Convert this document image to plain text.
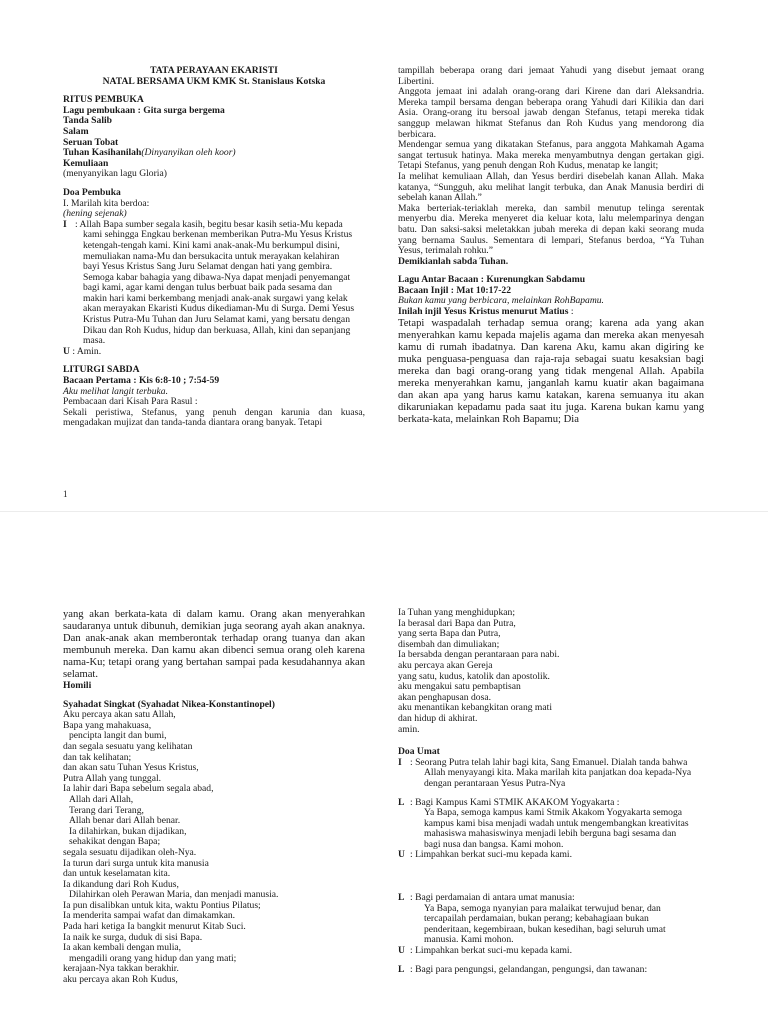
TATA PERAYAAN EKARISTI

NATAL BERSAMA UKM KMK St. Stanislaus Kotska

RITUS PEMBUKA

Lagu pembukaan : Gita surga bergema

Tanda Salib

Salam

Seruan Tobat

Tuhan Kasihanilah(Dinyanyikan oleh koor)

Kemuliaan

(menyanyikan lagu Gloria)

Doa Pembuka

I. Marilah kita berdoa:

(hening sejenak)

I : Allah Bapa sumber segala kasih, begitu besar kasih setia-Mu kepada

kami sehingga Engkau berkenan memberikan Putra-Mu Yesus Kristus

ketengah-tengah kami. Kini kami anak-anak-Mu berkumpul disini,

memuliakan nama-Mu dan bersukacita untuk merayakan kelahiran

bayi Yesus Kristus Sang Juru Selamat dengan hati yang gembira.

Semoga kabar bahagia yang dibawa-Nya dapat menjadi penyemangat

bagi kami, agar kami dengan tulus berbuat baik pada sesama dan

makin hari kami berkembang menjadi anak-anak surgawi yang kelak

akan merayakan Ekaristi Kudus dikediaman-Mu di Surga. Demi Yesus

Kristus Putra-Mu Tuhan dan Juru Selamat kami, yang bersatu dengan

Dikau dan Roh Kudus, hidup dan berkuasa, Allah, kini dan sepanjang

masa.

U : Amin.

LITURGI SABDA

Bacaan Pertama : Kis 6:8-10 ; 7:54-59

Aku melihat langit terbuka.

Pembacaan dari Kisah Para Rasul :

Sekali peristiwa, Stefanus, yang penuh dengan karunia dan kuasa, mengadakan mujizat dan tanda-tanda diantara orang banyak. Tetapi

tampillah beberapa orang dari jemaat Yahudi yang disebut jemaat orang Libertini.

Anggota jemaat ini adalah orang-orang dari Kirene dan dari Aleksandria. Mereka tampil bersama dengan beberapa orang Yahudi dari Kilikia dan dari Asia. Orang-orang itu bersoal jawab dengan Stefanus, tetapi mereka tidak sanggup melawan hikmat Stefanus dan Roh Kudus yang mendorong dia berbicara.

Mendengar semua yang dikatakan Stefanus, para anggota Mahkamah Agama sangat tertusuk hatinya. Maka mereka menyambutnya dengan gertakan gigi. Tetapi Stefanus, yang penuh dengan Roh Kudus, menatap ke langit;

Ia melihat kemuliaan Allah, dan Yesus berdiri disebelah kanan Allah. Maka katanya, “Sungguh, aku melihat langit terbuka, dan Anak Manusia berdiri di sebelah kanan Allah.”

Maka berteriak-teriaklah mereka, dan sambil menutup telinga serentak menyerbu dia. Mereka menyeret dia keluar kota, lalu melemparinya dengan batu. Dan saksi-saksi meletakkan jubah mereka di depan kaki seorang muda yang bernama Saulus. Sementara di lempari, Stefanus berdoa, “Ya Tuhan Yesus, terimalah rohku.”

Demikianlah sabda Tuhan.

Lagu Antar Bacaan : Kurenungkan Sabdamu

Bacaan Injil : Mat 10:17-22

Bukan kamu yang berbicara, melainkan RohBapamu.

Inilah injil Yesus Kristus menurut Matius :

Tetapi waspadalah terhadap semua orang; karena ada yang akan menyerahkan kamu kepada majelis agama dan mereka akan menyesah kamu di rumah ibadatnya. Dan karena Aku, kamu akan digiring ke muka penguasa-penguasa dan raja-raja sebagai suatu kesaksian bagi mereka dan bagi orang-orang yang tidak mengenal Allah. Apabila mereka menyerahkan kamu, janganlah kamu kuatir akan bagaimana dan akan apa yang harus kamu katakan, karena semuanya itu akan dikaruniakan kepadamu pada saat itu juga. Karena bukan kamu yang berkata-kata, melainkan Roh Bapamu; Dia

1

yang akan berkata-kata di dalam kamu. Orang akan menyerahkan saudaranya untuk dibunuh, demikian juga seorang ayah akan anaknya. Dan anak-anak akan memberontak terhadap orang tuanya dan akan membunuh mereka. Dan kamu akan dibenci semua orang oleh karena nama-Ku; tetapi orang yang bertahan sampai pada kesudahannya akan selamat.

Homili

Syahadat Singkat (Syahadat Nikea-Konstantinopel)

Aku percaya akan satu Allah,

Bapa yang mahakuasa,

pencipta langit dan bumi,

dan segala sesuatu yang kelihatan

dan tak kelihatan;

dan akan satu Tuhan Yesus Kristus,

Putra Allah yang tunggal.

Ia lahir dari Bapa sebelum segala abad,

Allah dari Allah,

Terang dari Terang,

Allah benar dari Allah benar.

Ia dilahirkan, bukan dijadikan,

sehakikat dengan Bapa;

segala sesuatu dijadikan oleh-Nya.

Ia turun dari surga untuk kita manusia

dan untuk keselamatan kita.

Ia dikandung dari Roh Kudus,

Dilahirkan oleh Perawan Maria, dan menjadi manusia.

Ia pun disalibkan untuk kita, waktu Pontius Pilatus;

Ia menderita sampai wafat dan dimakamkan.

Pada hari ketiga Ia bangkit menurut Kitab Suci.

Ia naik ke surga, duduk di sisi Bapa.

Ia akan kembali dengan mulia,

mengadili orang yang hidup dan yang mati;

kerajaan-Nya takkan berakhir.

aku percaya akan Roh Kudus,

Ia Tuhan yang menghidupkan;

Ia berasal dari Bapa dan Putra,

yang serta Bapa dan Putra,

disembah dan dimuliakan;

Ia bersabda dengan perantaraan para nabi.

aku percaya akan Gereja

yang satu, kudus, katolik dan apostolik.

aku mengakui satu pembaptisan

akan penghapusan dosa.

aku menantikan kebangkitan orang mati

dan hidup di akhirat.

amin.

Doa Umat

I : Seorang Putra telah lahir bagi kita, Sang Emanuel. Dialah tanda bahwa

Allah menyayangi kita. Maka marilah kita panjatkan doa kepada-Nya

dengan perantaraan Yesus Putra-Nya

L : Bagi Kampus Kami STMIK AKAKOM Yogyakarta :

Ya Bapa, semoga kampus kami Stmik Akakom Yogyakarta semoga

kampus kami bisa menjadi wadah untuk mengembangkan kreativitas

mahasiswa mahasiswinya menjadi lebih berguna bagi sesama dan

bagi nusa dan bangsa. Kami mohon.

U : Limpahkan berkat suci-mu kepada kami.

L : Bagi perdamaian di antara umat manusia:

Ya Bapa, semoga nyanyian para malaikat terwujud benar, dan

tercapailah perdamaian, bukan perang; kebahagiaan bukan

penderitaan, kegembiraan, bukan kesedihan, bagi seluruh umat

manusia. Kami mohon.

U : Limpahkan berkat suci-mu kepada kami.

L : Bagi para pengungsi, gelandangan, pengungsi, dan tawanan:
